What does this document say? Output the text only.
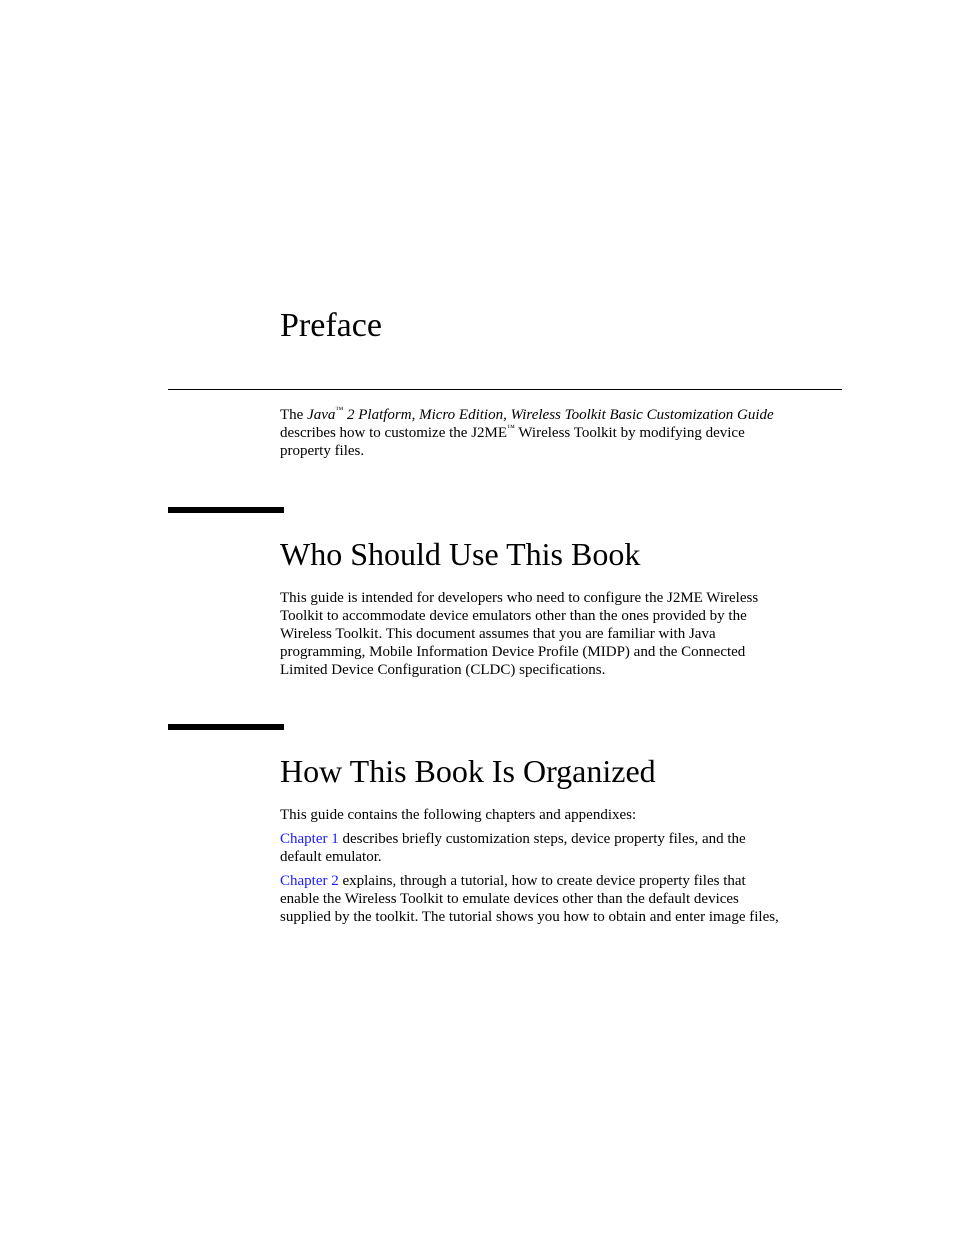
Preface

The Java™ 2 Platform, Micro Edition, Wireless Toolkit Basic Customization Guide
describes how to customize the J2ME™ Wireless Toolkit by modifying device
property files.

Who Should Use This Book

This guide is intended for developers who need to configure the J2ME Wireless
Toolkit to accommodate device emulators other than the ones provided by the
Wireless Toolkit. This document assumes that you are familiar with Java
programming, Mobile Information Device Profile (MIDP) and the Connected
Limited Device Configuration (CLDC) specifications.

How This Book Is Organized

This guide contains the following chapters and appendixes:

Chapter 1 describes briefly customization steps, device property files, and the
default emulator.

Chapter 2 explains, through a tutorial, how to create device property files that
enable the Wireless Toolkit to emulate devices other than the default devices
supplied by the toolkit. The tutorial shows you how to obtain and enter image files,
